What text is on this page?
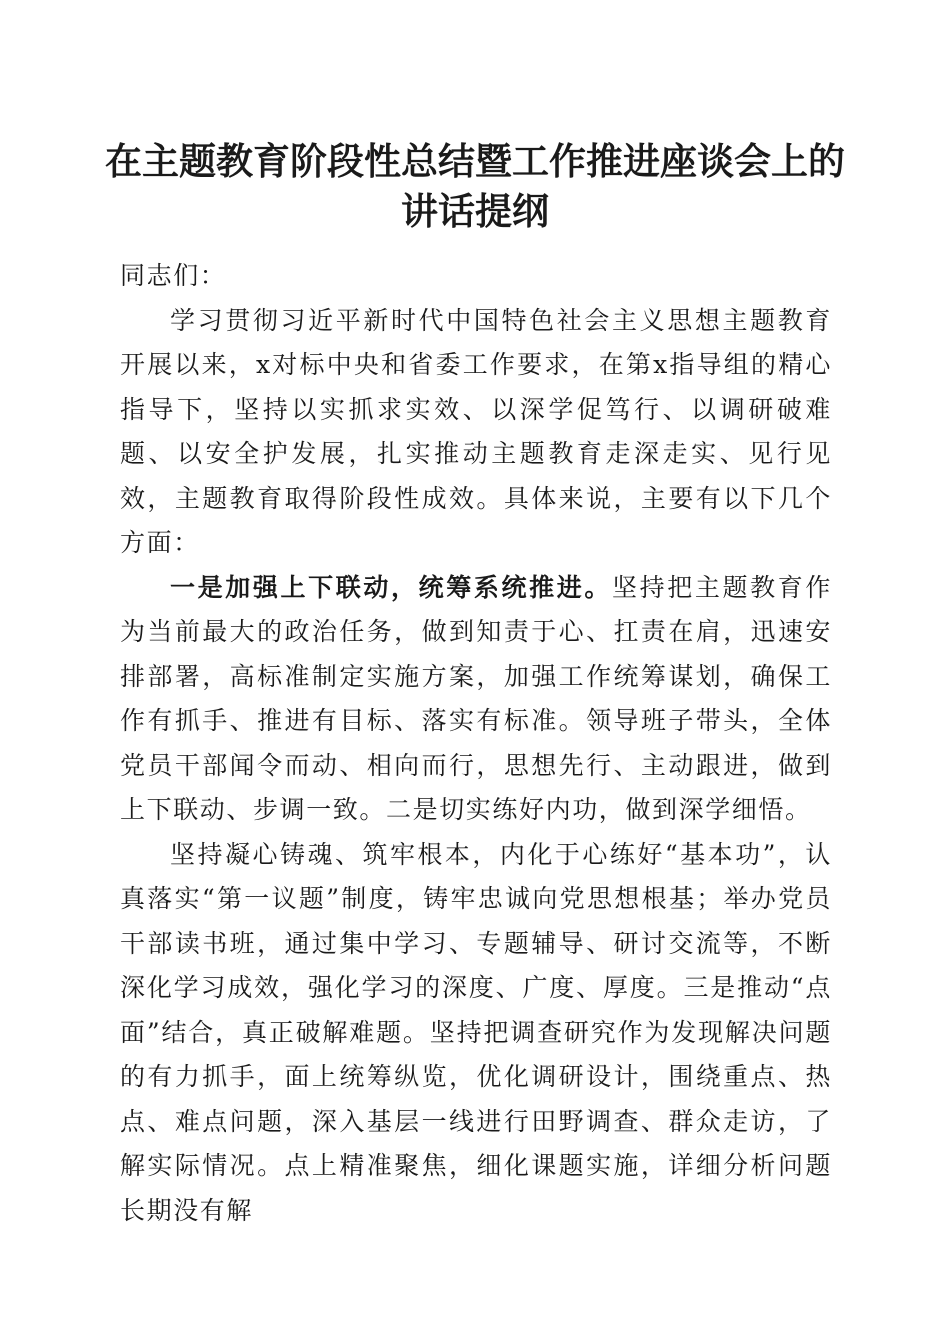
在主题教育阶段性总结暨工作推进座谈会上的
讲话提纲

同志们：

学习贯彻习近平新时代中国特色社会主义思想主题教育开展以来，x对标中央和省委工作要求，在第x指导组的精心指导下，坚持以实抓求实效、以深学促笃行、以调研破难题、以安全护发展，扎实推动主题教育走深走实、见行见效，主题教育取得阶段性成效。具体来说，主要有以下几个方面：

一是加强上下联动，统筹系统推进。坚持把主题教育作为当前最大的政治任务，做到知责于心、扛责在肩，迅速安排部署，高标准制定实施方案，加强工作统筹谋划，确保工作有抓手、推进有目标、落实有标准。领导班子带头，全体党员干部闻令而动、相向而行，思想先行、主动跟进，做到上下联动、步调一致。二是切实练好内功，做到深学细悟。

坚持凝心铸魂、筑牢根本，内化于心练好“基本功”，认真落实“第一议题”制度，铸牢忠诚向党思想根基；举办党员干部读书班，通过集中学习、专题辅导、研讨交流等，不断深化学习成效，强化学习的深度、广度、厚度。三是推动“点面”结合，真正破解难题。坚持把调查研究作为发现解决问题的有力抓手，面上统筹纵览，优化调研设计，围绕重点、热点、难点问题，深入基层一线进行田野调查、群众走访，了解实际情况。点上精准聚焦，细化课题实施，详细分析问题长期没有解
